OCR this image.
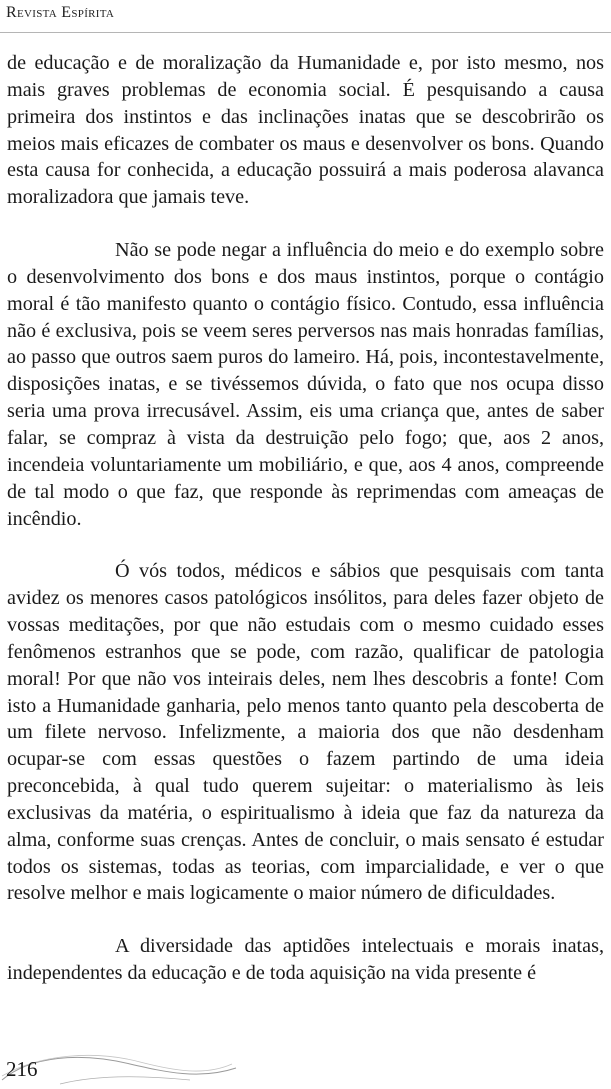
Revista Espírita

de educação e de moralização da Humanidade e, por isto mesmo, nos mais graves problemas de economia social. É pesquisando a causa primeira dos instintos e das inclinações inatas que se descobrirão os meios mais eficazes de combater os maus e desenvolver os bons. Quando esta causa for conhecida, a educação possuirá a mais poderosa alavanca moralizadora que jamais teve.

Não se pode negar a influência do meio e do exemplo sobre o desenvolvimento dos bons e dos maus instintos, porque o contágio moral é tão manifesto quanto o contágio físico. Contudo, essa influência não é exclusiva, pois se veem seres perversos nas mais honradas famílias, ao passo que outros saem puros do lameiro. Há, pois, incontestavelmente, disposições inatas, e se tivéssemos dúvida, o fato que nos ocupa disso seria uma prova irrecusável. Assim, eis uma criança que, antes de saber falar, se compraz à vista da destruição pelo fogo; que, aos 2 anos, incendeia voluntariamente um mobiliário, e que, aos 4 anos, compreende de tal modo o que faz, que responde às reprimendas com ameaças de incêndio.

Ó vós todos, médicos e sábios que pesquisais com tanta avidez os menores casos patológicos insólitos, para deles fazer objeto de vossas meditações, por que não estudais com o mesmo cuidado esses fenômenos estranhos que se pode, com razão, qualificar de patologia moral! Por que não vos inteirais deles, nem lhes descobris a fonte! Com isto a Humanidade ganharia, pelo menos tanto quanto pela descoberta de um filete nervoso. Infelizmente, a maioria dos que não desdenham ocupar-se com essas questões o fazem partindo de uma ideia preconcebida, à qual tudo querem sujeitar: o materialismo às leis exclusivas da matéria, o espiritualismo à ideia que faz da natureza da alma, conforme suas crenças. Antes de concluir, o mais sensato é estudar todos os sistemas, todas as teorias, com imparcialidade, e ver o que resolve melhor e mais logicamente o maior número de dificuldades.

A diversidade das aptidões intelectuais e morais inatas, independentes da educação e de toda aquisição na vida presente é

216
